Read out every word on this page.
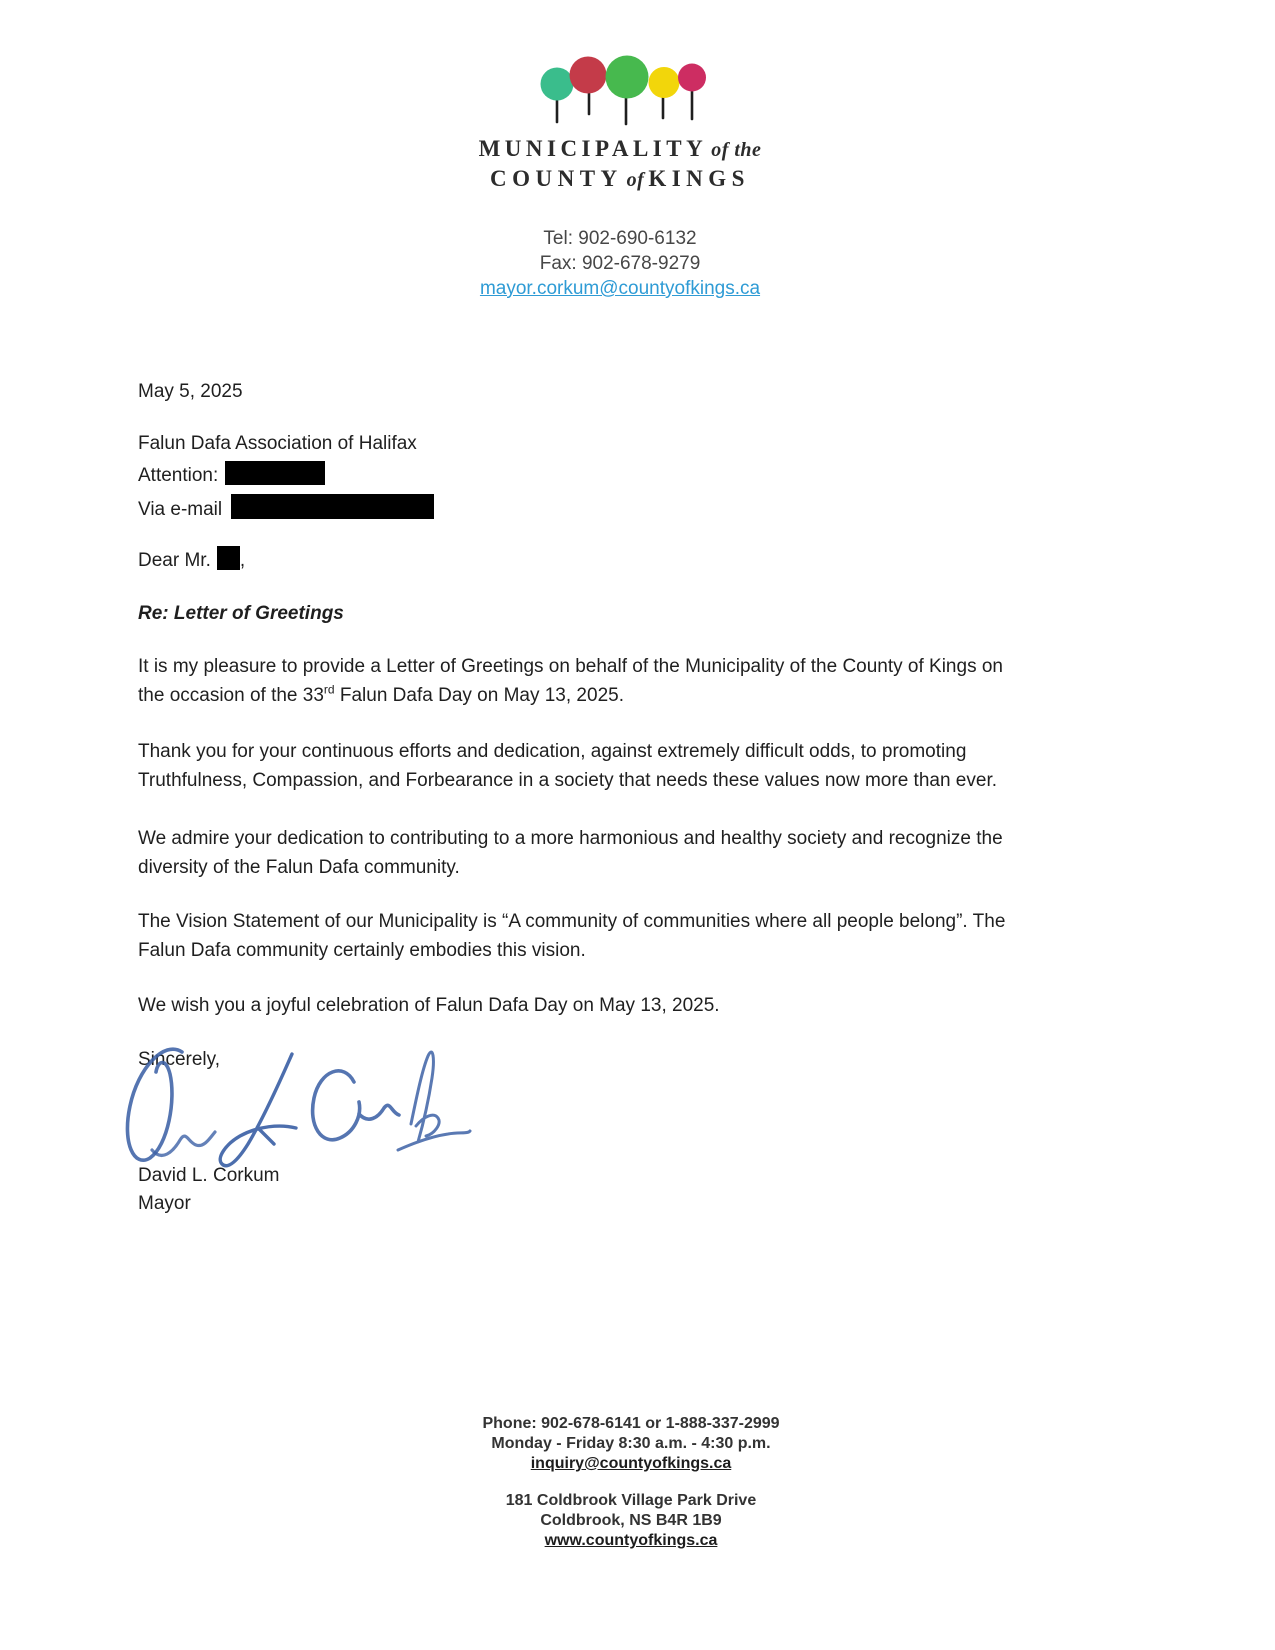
MUNICIPALITY of the
COUNTY of KINGS
Tel: 902-690-6132
Fax: 902-678-9279
mayor.corkum@countyofkings.ca
May 5, 2025
Falun Dafa Association of Halifax
Attention:
Via e-mail
Dear Mr. ,
Re: Letter of Greetings
It is my pleasure to provide a Letter of Greetings on behalf of the Municipality of the County of Kings on
the occasion of the 33rd Falun Dafa Day on May 13, 2025.
Thank you for your continuous efforts and dedication, against extremely difficult odds, to promoting
Truthfulness, Compassion, and Forbearance in a society that needs these values now more than ever.
We admire your dedication to contributing to a more harmonious and healthy society and recognize the
diversity of the Falun Dafa community.
The Vision Statement of our Municipality is “A community of communities where all people belong”. The
Falun Dafa community certainly embodies this vision.
We wish you a joyful celebration of Falun Dafa Day on May 13, 2025.
Sincerely,
David L. Corkum
Mayor
Phone: 902-678-6141 or 1-888-337-2999
Monday - Friday 8:30 a.m. - 4:30 p.m.
inquiry@countyofkings.ca
181 Coldbrook Village Park Drive
Coldbrook, NS B4R 1B9
www.countyofkings.ca
